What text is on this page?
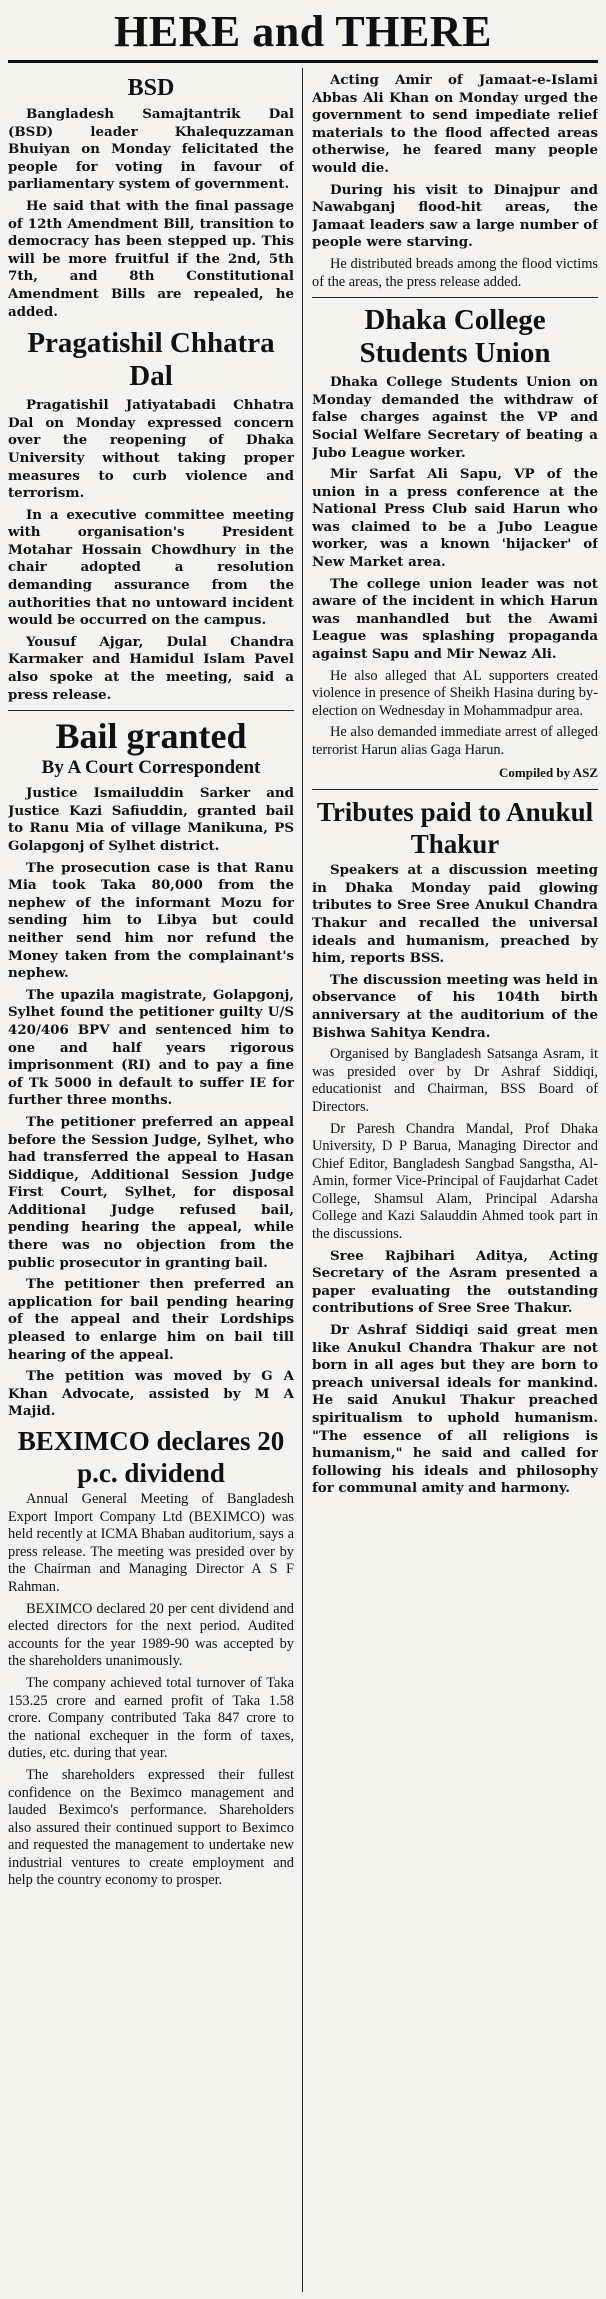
HERE and THERE
BSD
Bangladesh Samajtantrik Dal (BSD) leader Khalequzzaman Bhuiyan on Monday felicitated the people for voting in favour of parliamentary system of government.
He said that with the final passage of 12th Amendment Bill, transition to democracy has been stepped up. This will be more fruitful if the 2nd, 5th 7th, and 8th Constitutional Amendment Bills are repealed, he added.
Pragatishil Chhatra Dal
Pragatishil Jatiyatabadi Chhatra Dal on Monday expressed concern over the reopening of Dhaka University without taking proper measures to curb violence and terrorism.
In a executive committee meeting with organisation's President Motahar Hossain Chowdhury in the chair adopted a resolution demanding assurance from the authorities that no untoward incident would be occurred on the campus.
Yousuf Ajgar, Dulal Chandra Karmaker and Hamidul Islam Pavel also spoke at the meeting, said a press release.
Bail granted
By A Court Correspondent
Justice Ismailuddin Sarker and Justice Kazi Safiuddin, granted bail to Ranu Mia of village Manikuna, PS Golapgonj of Sylhet district.
The prosecution case is that Ranu Mia took Taka 80,000 from the nephew of the informant Mozu for sending him to Libya but could neither send him nor refund the Money taken from the complainant's nephew.
The upazila magistrate, Golapgonj, Sylhet found the petitioner guilty U/S 420/406 BPV and sentenced him to one and half years rigorous imprisonment (RI) and to pay a fine of Tk 5000 in default to suffer IE for further three months.
The petitioner preferred an appeal before the Session Judge, Sylhet, who had transferred the appeal to Hasan Siddique, Additional Session Judge First Court, Sylhet, for disposal Additional Judge refused bail, pending hearing the appeal, while there was no objection from the public prosecutor in granting bail.
The petitioner then preferred an application for bail pending hearing of the appeal and their Lordships pleased to enlarge him on bail till hearing of the appeal.
The petition was moved by G A Khan Advocate, assisted by M A Majid.
BEXIMCO declares 20 p.c. dividend
Annual General Meeting of Bangladesh Export Import Company Ltd (BEXIMCO) was held recently at ICMA Bhaban auditorium, says a press release. The meeting was presided over by the Chairman and Managing Director A S F Rahman.
BEXIMCO declared 20 per cent dividend and elected directors for the next period. Audited accounts for the year 1989-90 was accepted by the shareholders unanimously.
The company achieved total turnover of Taka 153.25 crore and earned profit of Taka 1.58 crore. Company contributed Taka 847 crore to the national exchequer in the form of taxes, duties, etc. during that year.
The shareholders expressed their fullest confidence on the Beximco management and lauded Beximco's performance. Shareholders also assured their continued support to Beximco and requested the management to undertake new industrial ventures to create employment and help the country economy to prosper.
Acting Amir of Jamaat-e-Islami Abbas Ali Khan on Monday urged the government to send impediate relief materials to the flood affected areas otherwise, he feared many people would die.
During his visit to Dinajpur and Nawabganj flood-hit areas, the Jamaat leaders saw a large number of people were starving.
He distributed breads among the flood victims of the areas, the press release added.
Dhaka College Students Union
Dhaka College Students Union on Monday demanded the withdraw of false charges against the VP and Social Welfare Secretary of beating a Jubo League worker.
Mir Sarfat Ali Sapu, VP of the union in a press conference at the National Press Club said Harun who was claimed to be a Jubo League worker, was a known 'hijacker' of New Market area.
The college union leader was not aware of the incident in which Harun was manhandled but the Awami League was splashing propaganda against Sapu and Mir Newaz Ali.
He also alleged that AL supporters created violence in presence of Sheikh Hasina during by-election on Wednesday in Mohammadpur area.
He also demanded immediate arrest of alleged terrorist Harun alias Gaga Harun.
Compiled by ASZ
Tributes paid to Anukul Thakur
Speakers at a discussion meeting in Dhaka Monday paid glowing tributes to Sree Sree Anukul Chandra Thakur and recalled the universal ideals and humanism, preached by him, reports BSS.
The discussion meeting was held in observance of his 104th birth anniversary at the auditorium of the Bishwa Sahitya Kendra.
Organised by Bangladesh Satsanga Asram, it was presided over by Dr Ashraf Siddiqi, educationist and Chairman, BSS Board of Directors.
Dr Paresh Chandra Mandal, Prof Dhaka University, D P Barua, Managing Director and Chief Editor, Bangladesh Sangbad Sangstha, Al-Amin, former Vice-Principal of Faujdarhat Cadet College, Shamsul Alam, Principal Adarsha College and Kazi Salauddin Ahmed took part in the discussions.
Sree Rajbihari Aditya, Acting Secretary of the Asram presented a paper evaluating the outstanding contributions of Sree Sree Thakur.
Dr Ashraf Siddiqi said great men like Anukul Chandra Thakur are not born in all ages but they are born to preach universal ideals for mankind. He said Anukul Thakur preached spiritualism to uphold humanism. "The essence of all religions is humanism," he said and called for following his ideals and philosophy for communal amity and harmony.
